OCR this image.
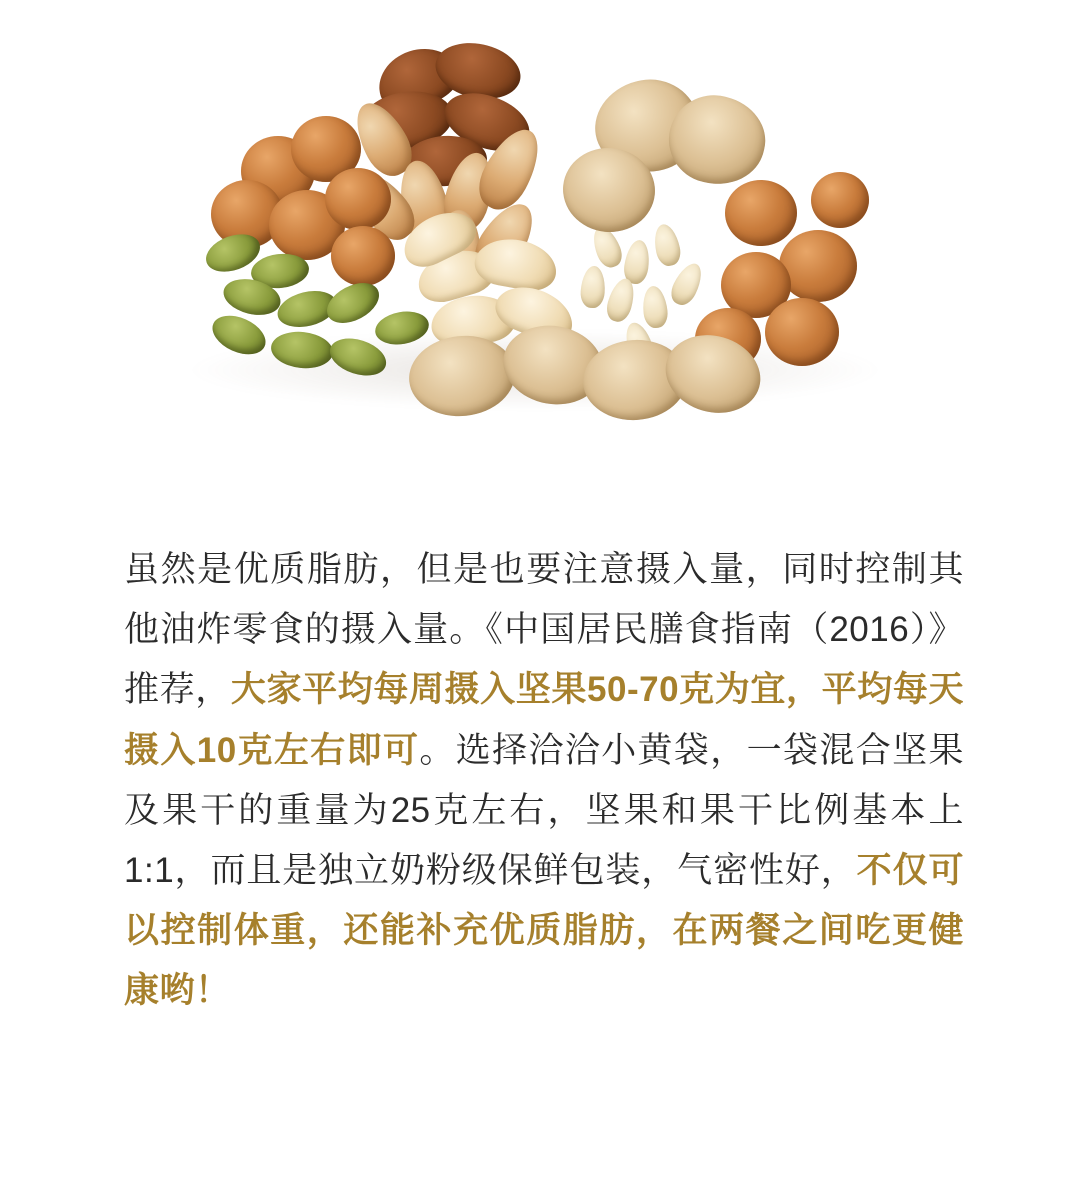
虽然是优质脂肪，但是也要注意摄入量，同时控制其他油炸零食的摄入量。《中国居民膳食指南（2016）》推荐，大家平均每周摄入坚果50-70克为宜，平均每天摄入10克左右即可。选择洽洽小黄袋，一袋混合坚果及果干的重量为25克左右，坚果和果干比例基本上1:1，而且是独立奶粉级保鲜包装，气密性好，不仅可以控制体重，还能补充优质脂肪，在两餐之间吃更健康哟！
